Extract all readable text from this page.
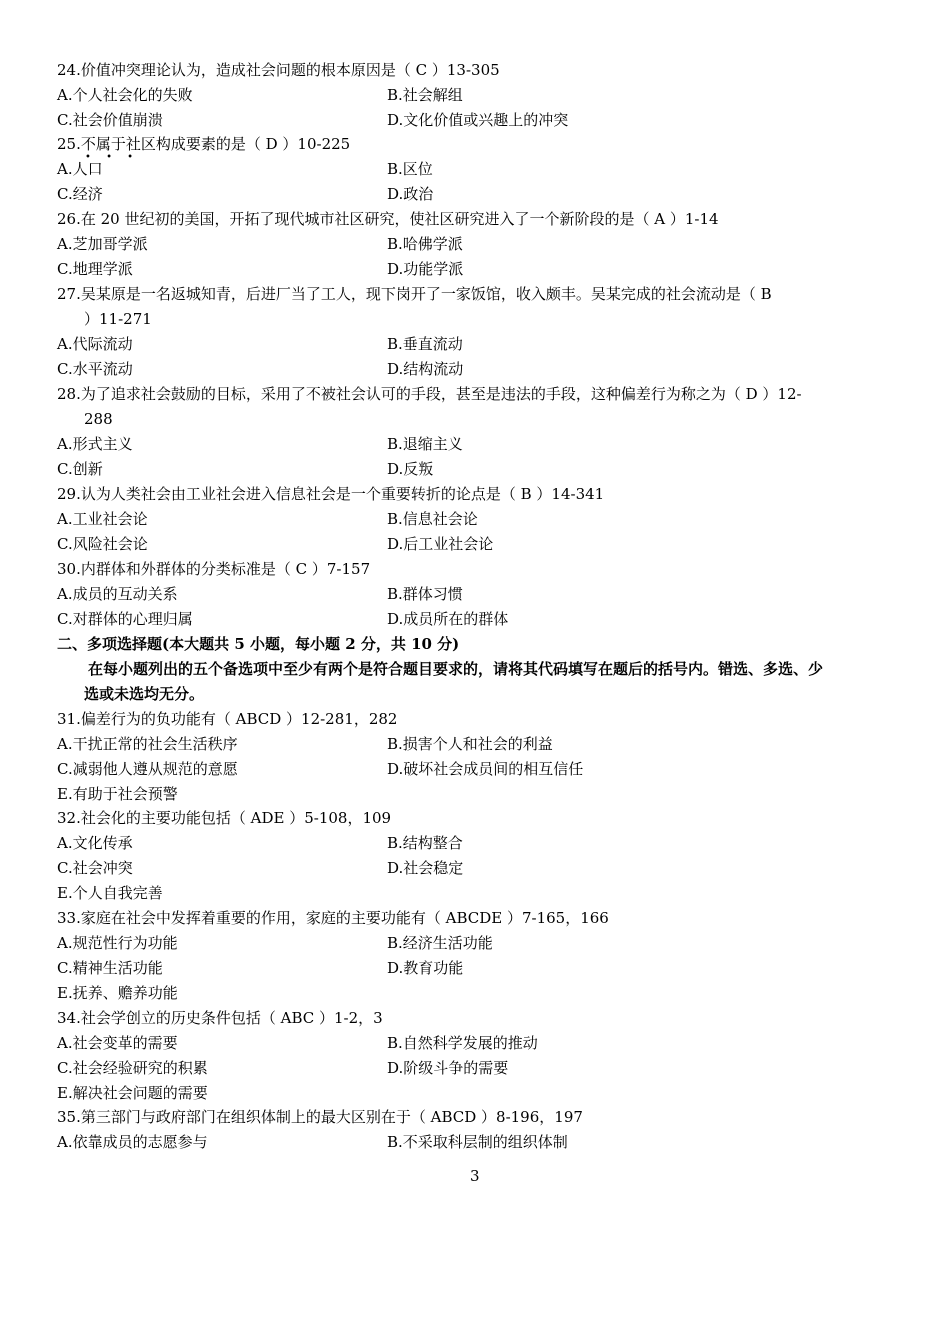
24.价值冲突理论认为，造成社会问题的根本原因是（ C ）13-305
A.个人社会化的失败	B.社会解组
C.社会价值崩溃	D.文化价值或兴趣上的冲突
25.不属于社区构成要素的是（ D ）10-225
A.人口	B.区位
C.经济	D.政治
26.在 20 世纪初的美国，开拓了现代城市社区研究，使社区研究进入了一个新阶段的是（ A ）1-14
A.芝加哥学派	B.哈佛学派
C.地理学派	D.功能学派
27.吴某原是一名返城知青，后进厂当了工人，现下岗开了一家饭馆，收入颇丰。吴某完成的社会流动是（ B
）11-271
A.代际流动	B.垂直流动
C.水平流动	D.结构流动
28.为了追求社会鼓励的目标，采用了不被社会认可的手段，甚至是违法的手段，这种偏差行为称之为（ D ）12-
288
A.形式主义	B.退缩主义
C.创新	D.反叛
29.认为人类社会由工业社会进入信息社会是一个重要转折的论点是（ B ）14-341
A.工业社会论	B.信息社会论
C.风险社会论	D.后工业社会论
30.内群体和外群体的分类标准是（ C ）7-157
A.成员的互动关系	B.群体习惯
C.对群体的心理归属	D.成员所在的群体
二、多项选择题(本大题共 5 小题，每小题 2 分，共 10 分)
在每小题列出的五个备选项中至少有两个是符合题目要求的，请将其代码填写在题后的括号内。错选、多选、少
选或未选均无分。
31.偏差行为的负功能有（ ABCD ）12-281，282
A.干扰正常的社会生活秩序	B.损害个人和社会的利益
C.减弱他人遵从规范的意愿	D.破坏社会成员间的相互信任
E.有助于社会预警
32.社会化的主要功能包括（ ADE ）5-108，109
A.文化传承	B.结构整合
C.社会冲突	D.社会稳定
E.个人自我完善
33.家庭在社会中发挥着重要的作用，家庭的主要功能有（ ABCDE ）7-165，166
A.规范性行为功能	B.经济生活功能
C.精神生活功能	D.教育功能
E.抚养、赡养功能
34.社会学创立的历史条件包括（ ABC ）1-2，3
A.社会变革的需要	B.自然科学发展的推动
C.社会经验研究的积累	D.阶级斗争的需要
E.解决社会问题的需要
35.第三部门与政府部门在组织体制上的最大区别在于（ ABCD ）8-196，197
A.依靠成员的志愿参与	B.不采取科层制的组织体制
• • •
3
